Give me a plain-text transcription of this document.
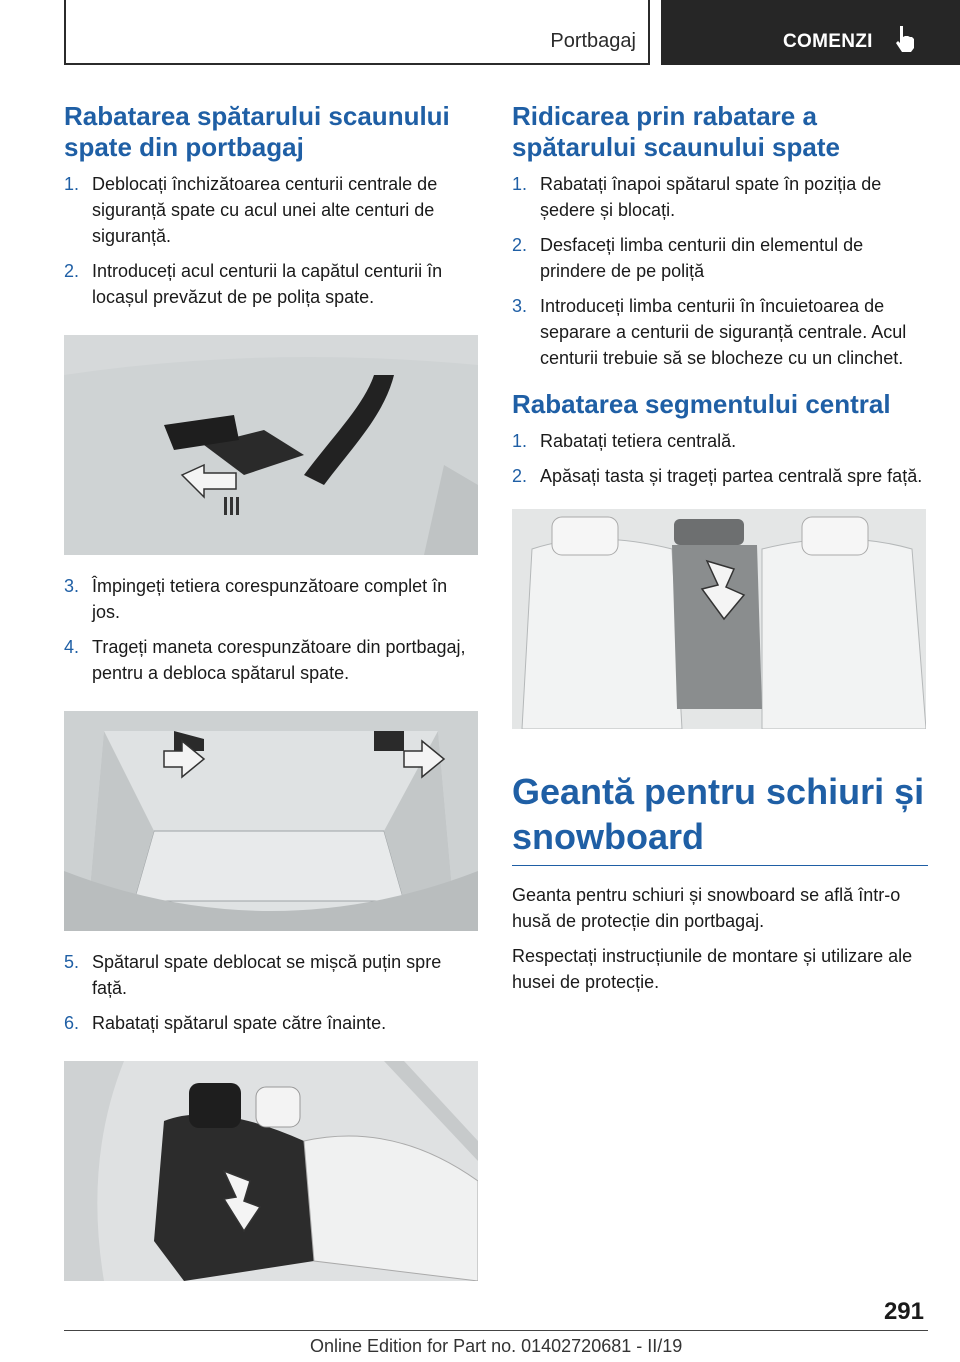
Portbagaj	COMENZI
Rabatarea spătarului scaunului spate din portbagaj
1. Deblocați închizătoarea centurii centrale de siguranță spate cu acul unei alte centuri de siguranță.
2. Introduceți acul centurii la capătul centurii în locașul prevăzut de pe polița spate.
3. Împingeți tetiera corespunzătoare complet în jos.
4. Trageți maneta corespunzătoare din portbagaj, pentru a debloca spătarul spate.
5. Spătarul spate deblocat se mișcă puțin spre față.
6. Rabatați spătarul spate către înainte.
Ridicarea prin rabatare a spătarului scaunului spate
1. Rabatați înapoi spătarul spate în poziția de ședere și blocați.
2. Desfaceți limba centurii din elementul de prindere de pe poliță
3. Introduceți limba centurii în încuietoarea de separare a centurii de siguranță centrale. Acul centurii trebuie să se blocheze cu un clinchet.
Rabatarea segmentului central
1. Rabatați tetiera centrală.
2. Apăsați tasta și trageți partea centrală spre față.
Geantă pentru schiuri și snowboard

Geanta pentru schiuri și snowboard se află într-o husă de protecție din portbagaj.

Respectați instrucțiunile de montare și utilizare ale husei de protecție.

291
Online Edition for Part no. 01402720681 - II/19
